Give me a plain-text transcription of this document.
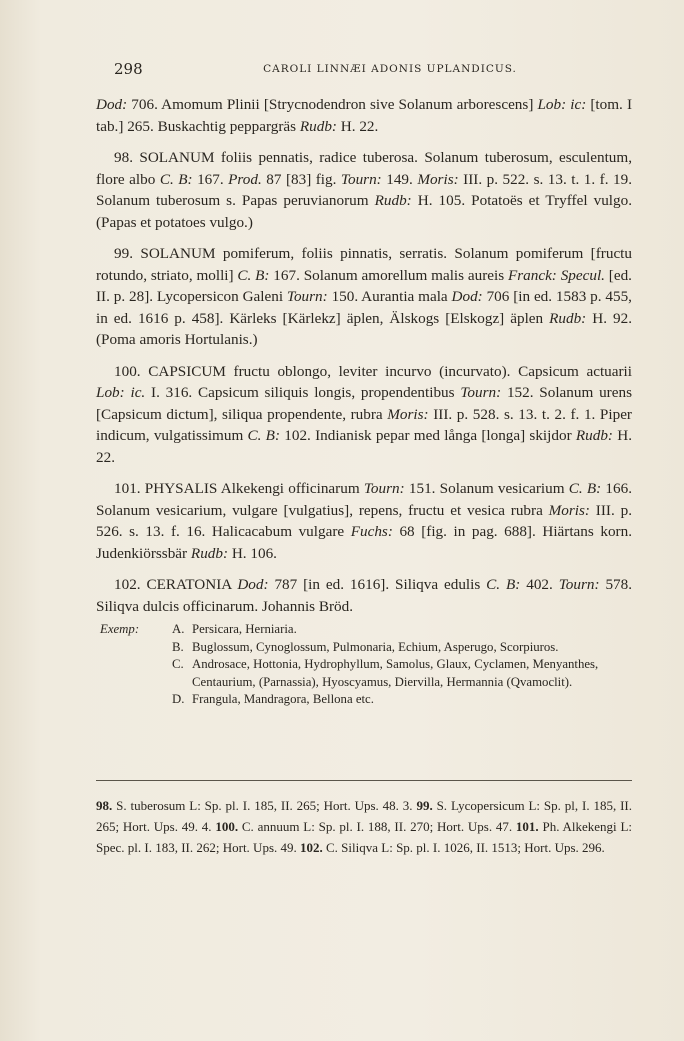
298	CAROLI LINNÆI ADONIS UPLANDICUS.

Dod: 706. Amomum Plinii [Strycnodendron sive Solanum arborescens] Lob: ic: [tom. I tab.] 265. Buskachtig peppargräs Rudb: H. 22.

98. SOLANUM foliis pennatis, radice tuberosa. Solanum tuberosum, esculentum, flore albo C. B: 167. Prod. 87 [83] fig. Tourn: 149. Moris: III. p. 522. s. 13. t. 1. f. 19. Solanum tuberosum s. Papas peruvianorum Rudb: H. 105. Potatoës et Tryffel vulgo. (Papas et potatoes vulgo.)

99. SOLANUM pomiferum, foliis pinnatis, serratis. Solanum pomiferum [fructu rotundo, striato, molli] C. B: 167. Solanum amorellum malis aureis Franck: Specul. [ed. II. p. 28]. Lycopersicon Galeni Tourn: 150. Aurantia mala Dod: 706 [in ed. 1583 p. 455, in ed. 1616 p. 458]. Kärleks [Kärlekz] äplen, Älskogs [Elskogz] äplen Rudb: H. 92. (Poma amoris Hortulanis.)

100. CAPSICUM fructu oblongo, leviter incurvo (incurvato). Capsicum actuarii Lob: ic. I. 316. Capsicum siliquis longis, propendentibus Tourn: 152. Solanum urens [Capsicum dictum], siliqua propendente, rubra Moris: III. p. 528. s. 13. t. 2. f. 1. Piper indicum, vulgatissimum C. B: 102. Indianisk pepar med långa [longa] skijdor Rudb: H. 22.

101. PHYSALIS Alkekengi officinarum Tourn: 151. Solanum vesicarium C. B: 166. Solanum vesicarium, vulgare [vulgatius], repens, fructu et vesica rubra Moris: III. p. 526. s. 13. f. 16. Halicacabum vulgare Fuchs: 68 [fig. in pag. 688]. Hiärtans korn. Judenkiörssbär Rudb: H. 106.

102. CERATONIA Dod: 787 [in ed. 1616]. Siliqva edulis C. B: 402. Tourn: 578. Siliqva dulcis officinarum. Johannis Bröd.

Exemp:	A. Persicara, Herniaria.
B. Buglossum, Cynoglossum, Pulmonaria, Echium, Asperugo, Scorpiuros.
C. Androsace, Hottonia, Hydrophyllum, Samolus, Glaux, Cyclamen, Menyanthes, Centaurium, (Parnassia), Hyoscyamus, Diervilla, Hermannia (Qvamoclit).
D. Frangula, Mandragora, Bellona etc.
98. S. tuberosum L: Sp. pl. I. 185, II. 265; Hort. Ups. 48. 3. 99. S. Lycopersicum L: Sp. pl, I. 185, II. 265; Hort. Ups. 49. 4. 100. C. annuum L: Sp. pl. I. 188, II. 270; Hort. Ups. 47. 101. Ph. Alkekengi L: Spec. pl. I. 183, II. 262; Hort. Ups. 49. 102. C. Siliqva L: Sp. pl. I. 1026, II. 1513; Hort. Ups. 296.
